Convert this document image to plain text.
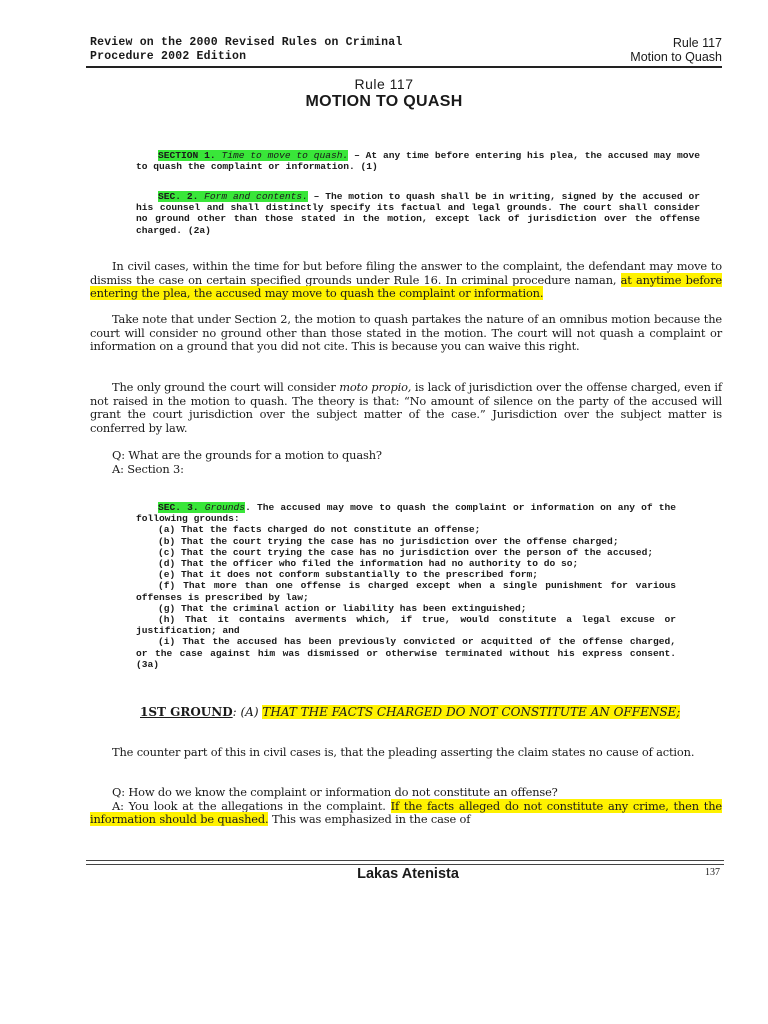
Review on the 2000 Revised Rules on Criminal
Procedure 2002 Edition
Rule 117
Motion to Quash
Rule 117
MOTION TO QUASH

SECTION 1. Time to move to quash. – At any time before entering his plea, the accused may move to quash the complaint or information. (1)

SEC. 2. Form and contents. – The motion to quash shall be in writing, signed by the accused or his counsel and shall distinctly specify its factual and legal grounds. The court shall consider no ground other than those stated in the motion, except lack of jurisdiction over the offense charged. (2a)

In civil cases, within the time for but before filing the answer to the complaint, the defendant may move to dismiss the case on certain specified grounds under Rule 16. In criminal procedure naman, at anytime before entering the plea, the accused may move to quash the complaint or information.

Take note that under Section 2, the motion to quash partakes the nature of an omnibus motion because the court will consider no ground other than those stated in the motion. The court will not quash a complaint or information on a ground that you did not cite. This is because you can waive this right.

The only ground the court will consider moto propio, is lack of jurisdiction over the offense charged, even if not raised in the motion to quash. The theory is that: “No amount of silence on the party of the accused will grant the court jurisdiction over the subject matter of the case.” Jurisdiction over the subject matter is conferred by law.

Q: What are the grounds for a motion to quash?

A: Section 3:

SEC. 3. Grounds. The accused may move to quash the complaint or information on any of the following grounds:

(a) That the facts charged do not constitute an offense;

(b) That the court trying the case has no jurisdiction over the offense charged;

(c) That the court trying the case has no jurisdiction over the person of the accused;

(d) That the officer who filed the information had no authority to do so;

(e) That it does not conform substantially to the prescribed form;

(f) That more than one offense is charged except when a single punishment for various offenses is prescribed by law;

(g) That the criminal action or liability has been extinguished;

(h) That it contains averments which, if true, would constitute a legal excuse or justification; and

(i) That the accused has been previously convicted or acquitted of the offense charged, or the case against him was dismissed or otherwise terminated without his express consent. (3a)

1ST GROUND: (A) THAT THE FACTS CHARGED DO NOT CONSTITUTE AN OFFENSE;

The counter part of this in civil cases is, that the pleading asserting the claim states no cause of action.

Q: How do we know the complaint or information do not constitute an offense?

A: You look at the allegations in the complaint. If the facts alleged do not constitute any crime, then the information should be quashed. This was emphasized in the case of

Lakas Atenista	137
